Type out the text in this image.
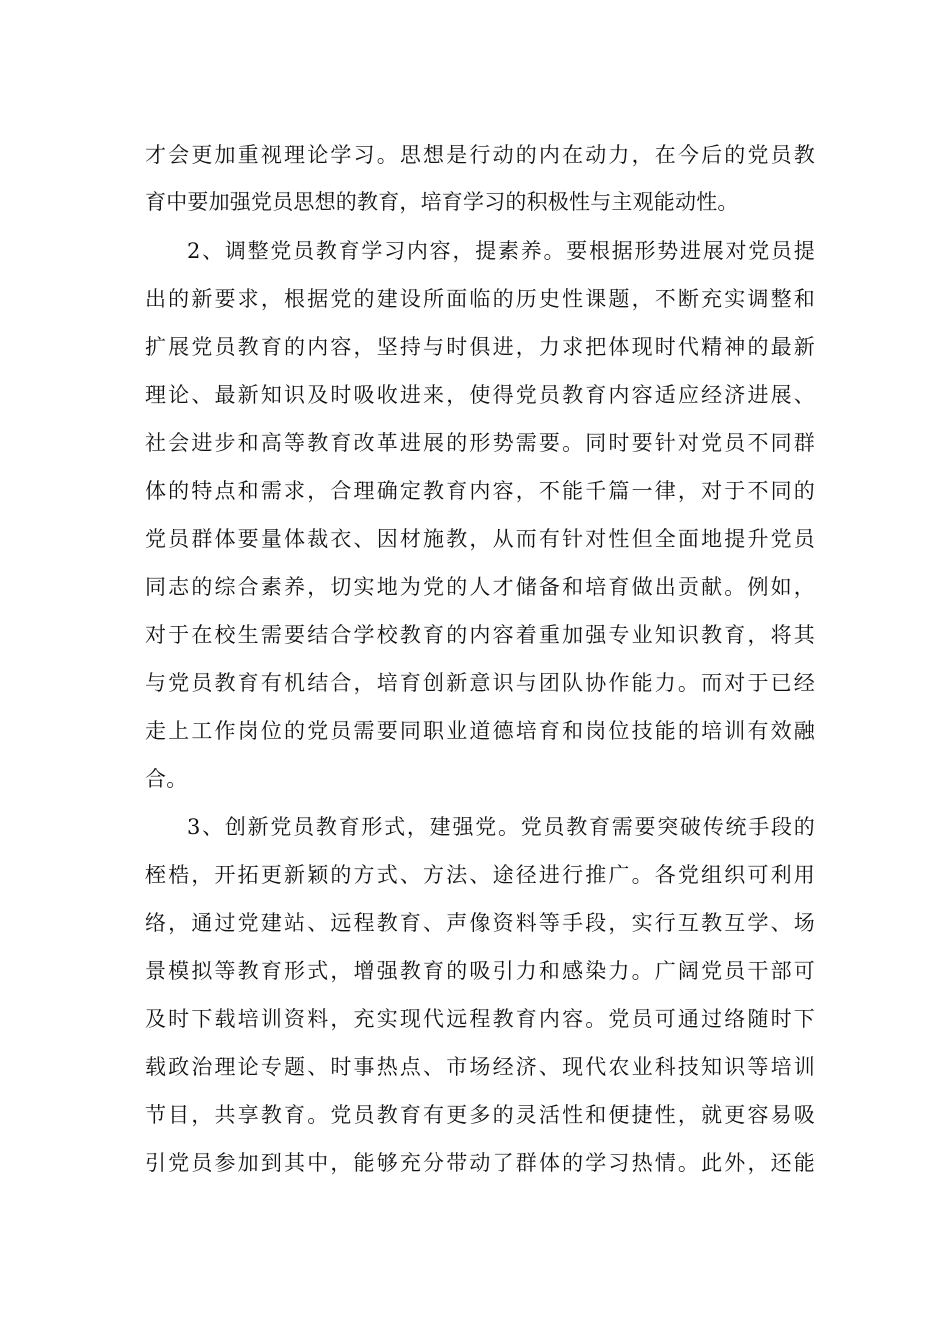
才会更加重视理论学习。思想是行动的内在动力，在今后的党员教
育中要加强党员思想的教育，培育学习的积极性与主观能动性。
2、调整党员教育学习内容，提素养。要根据形势进展对党员提
出的新要求，根据党的建设所面临的历史性课题，不断充实调整和
扩展党员教育的内容，坚持与时俱进，力求把体现时代精神的最新
理论、最新知识及时吸收进来，使得党员教育内容适应经济进展、
社会进步和高等教育改革进展的形势需要。同时要针对党员不同群
体的特点和需求，合理确定教育内容，不能千篇一律，对于不同的
党员群体要量体裁衣、因材施教，从而有针对性但全面地提升党员
同志的综合素养，切实地为党的人才储备和培育做出贡献。例如，
对于在校生需要结合学校教育的内容着重加强专业知识教育，将其
与党员教育有机结合，培育创新意识与团队协作能力。而对于已经
走上工作岗位的党员需要同职业道德培育和岗位技能的培训有效融
合。
3、创新党员教育形式，建强党。党员教育需要突破传统手段的
桎梏，开拓更新颖的方式、方法、途径进行推广。各党组织可利用
络，通过党建站、远程教育、声像资料等手段，实行互教互学、场
景模拟等教育形式，增强教育的吸引力和感染力。广阔党员干部可
及时下载培训资料，充实现代远程教育内容。党员可通过络随时下
载政治理论专题、时事热点、市场经济、现代农业科技知识等培训
节目，共享教育。党员教育有更多的灵活性和便捷性，就更容易吸
引党员参加到其中，能够充分带动了群体的学习热情。此外，还能
